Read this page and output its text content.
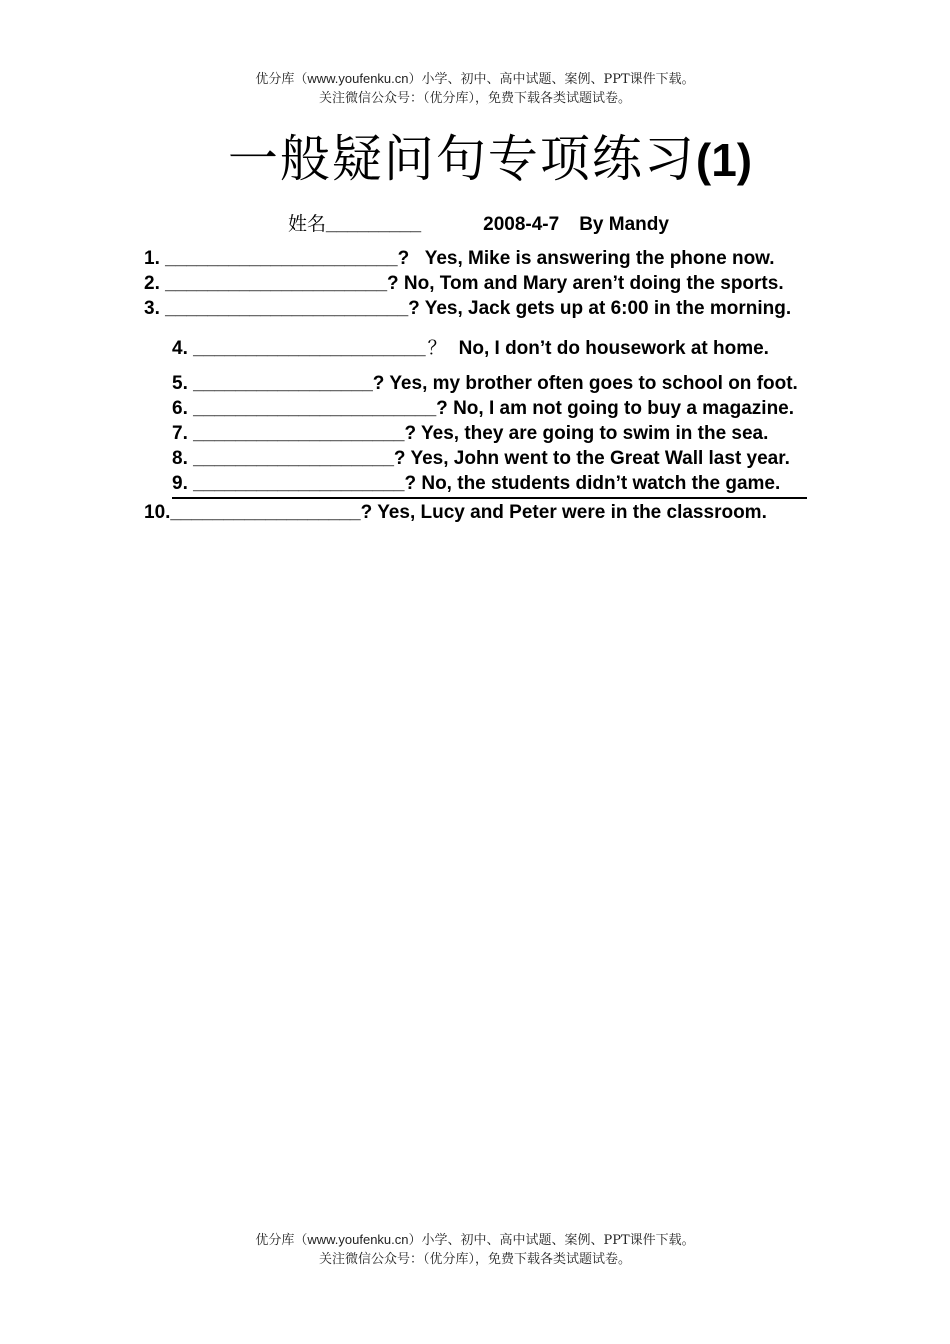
优分库（www.youfenku.cn）小学、初中、高中试题、案例、PPT课件下载。
关注微信公众号：（优分库），免费下载各类试题试卷。
一般疑问句专项练习(1)
姓名_________	2008-4-7 By Mandy
1. ______________________? Yes, Mike is answering the phone now.
2. _____________________? No, Tom and Mary aren’t doing the sports.
3. _______________________? Yes, Jack gets up at 6:00 in the morning.
4. ______________________ ？ No, I don’t do housework at home.
5. _________________? Yes, my brother often goes to school on foot.
6. _______________________? No, I am not going to buy a magazine.
7. ____________________? Yes, they are going to swim in the sea.
8. ___________________? Yes, John went to the Great Wall last year.
9. ____________________? No, the students didn’t watch the game.
10.__________________? Yes, Lucy and Peter were in the classroom.
优分库（www.youfenku.cn）小学、初中、高中试题、案例、PPT课件下载。
关注微信公众号：（优分库），免费下载各类试题试卷。
